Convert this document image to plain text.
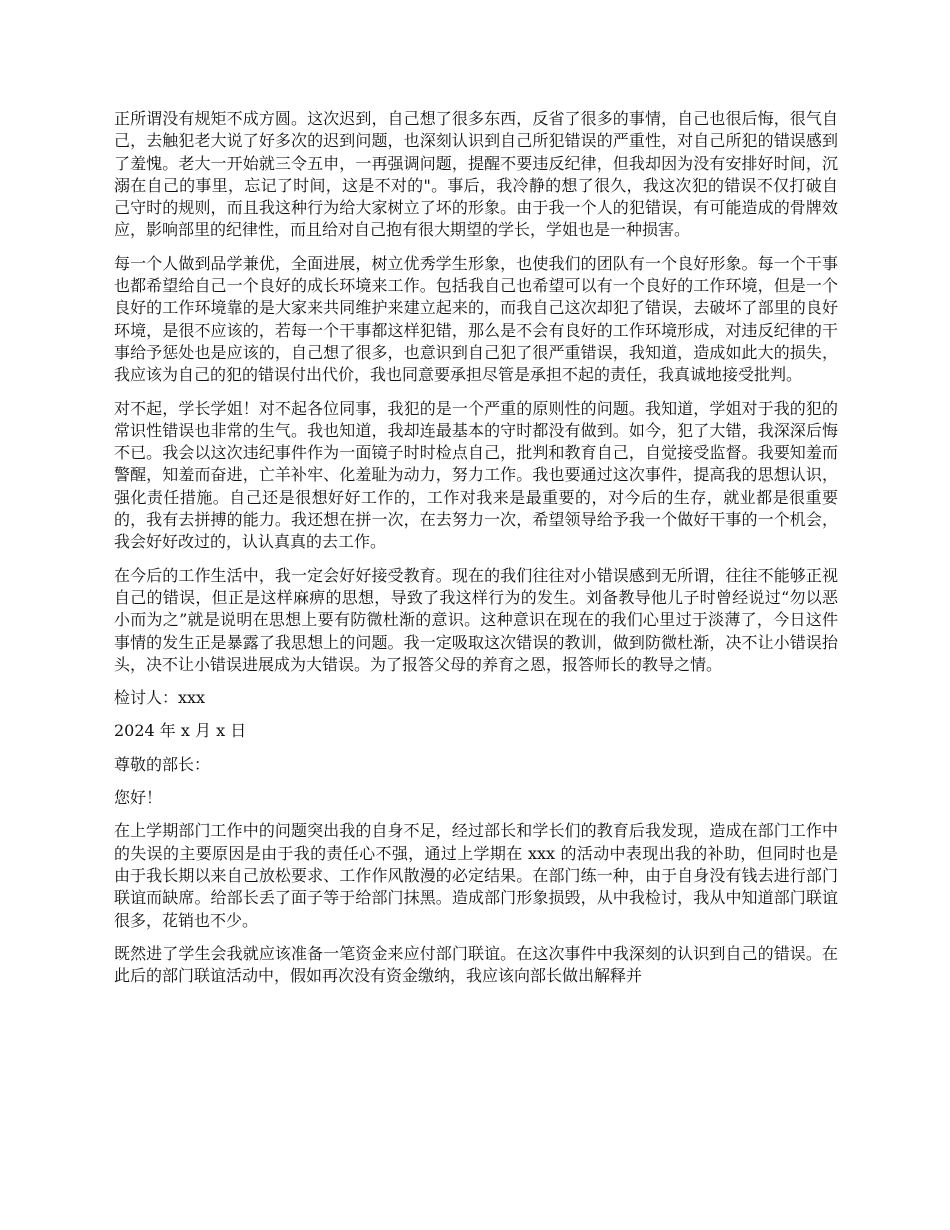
正所谓没有规矩不成方圆。这次迟到，自己想了很多东西，反省了很多的事情，自己也很后悔，很气自己，去触犯老大说了好多次的迟到问题，也深刻认识到自己所犯错误的严重性，对自己所犯的错误感到了羞愧。老大一开始就三令五申，一再强调问题，提醒不要违反纪律，但我却因为没有安排好时间，沉溺在自己的事里，忘记了时间，这是不对的"。事后，我冷静的想了很久，我这次犯的错误不仅打破自己守时的规则，而且我这种行为给大家树立了坏的形象。由于我一个人的犯错误，有可能造成的骨牌效应，影响部里的纪律性，而且给对自己抱有很大期望的学长，学姐也是一种损害。

每一个人做到品学兼优，全面进展，树立优秀学生形象，也使我们的团队有一个良好形象。每一个干事也都希望给自己一个良好的成长环境来工作。包括我自己也希望可以有一个良好的工作环境，但是一个良好的工作环境靠的是大家来共同维护来建立起来的，而我自己这次却犯了错误，去破坏了部里的良好环境，是很不应该的，若每一个干事都这样犯错，那么是不会有良好的工作环境形成，对违反纪律的干事给予惩处也是应该的，自己想了很多，也意识到自己犯了很严重错误，我知道，造成如此大的损失，我应该为自己的犯的错误付出代价，我也同意要承担尽管是承担不起的责任，我真诚地接受批判。

对不起，学长学姐！对不起各位同事，我犯的是一个严重的原则性的问题。我知道，学姐对于我的犯的常识性错误也非常的生气。我也知道，我却连最基本的守时都没有做到。如今，犯了大错，我深深后悔不已。我会以这次违纪事件作为一面镜子时时检点自己，批判和教育自己，自觉接受监督。我要知羞而警醒，知羞而奋进，亡羊补牢、化羞耻为动力，努力工作。我也要通过这次事件，提高我的思想认识，强化责任措施。自己还是很想好好工作的，工作对我来是最重要的，对今后的生存，就业都是很重要的，我有去拼搏的能力。我还想在拼一次，在去努力一次，希望领导给予我一个做好干事的一个机会，我会好好改过的，认认真真的去工作。

在今后的工作生活中，我一定会好好接受教育。现在的我们往往对小错误感到无所谓，往往不能够正视自己的错误，但正是这样麻痹的思想，导致了我这样行为的发生。刘备教导他儿子时曾经说过“勿以恶小而为之”就是说明在思想上要有防微杜渐的意识。这种意识在现在的我们心里过于淡薄了，今日这件事情的发生正是暴露了我思想上的问题。我一定吸取这次错误的教训，做到防微杜渐，决不让小错误抬头，决不让小错误进展成为大错误。为了报答父母的养育之恩，报答师长的教导之情。

检讨人：xxx

2024 年 x 月 x 日

尊敬的部长：

您好！

在上学期部门工作中的问题突出我的自身不足，经过部长和学长们的教育后我发现，造成在部门工作中的失误的主要原因是由于我的责任心不强，通过上学期在 xxx 的活动中表现出我的补助，但同时也是由于我长期以来自己放松要求、工作作风散漫的必定结果。在部门练一种，由于自身没有钱去进行部门联谊而缺席。给部长丢了面子等于给部门抹黑。造成部门形象损毁，从中我检讨，我从中知道部门联谊很多，花销也不少。

既然进了学生会我就应该准备一笔资金来应付部门联谊。在这次事件中我深刻的认识到自己的错误。在此后的部门联谊活动中，假如再次没有资金缴纳，我应该向部长做出解释并
